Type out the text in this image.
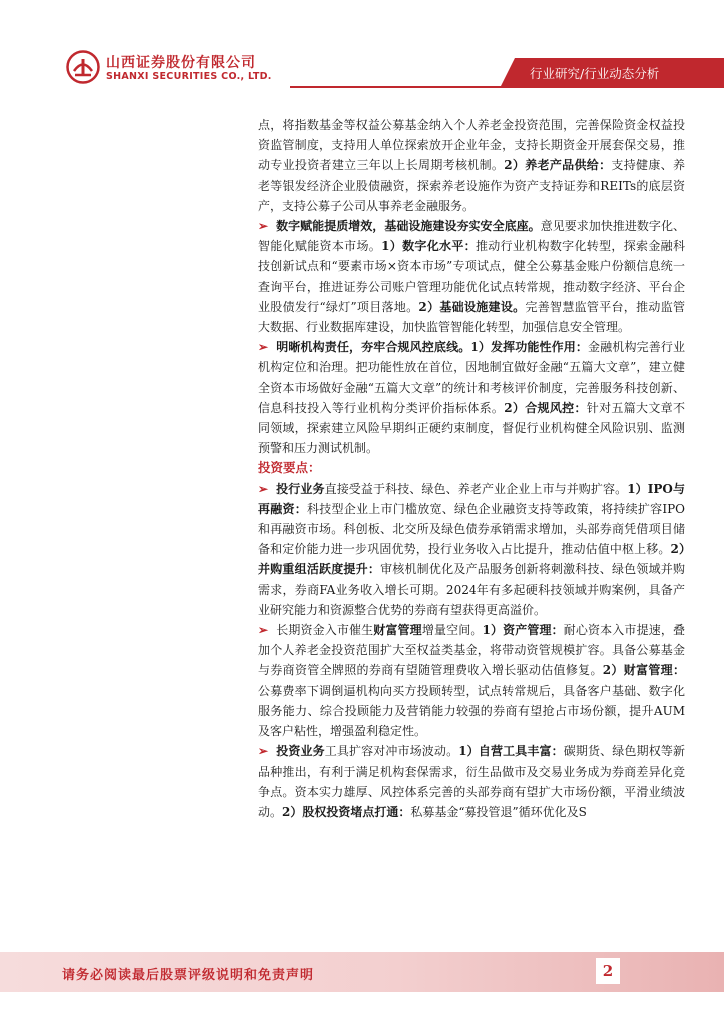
山西证券股份有限公司
SHANXI SECURITIES CO., LTD.	行业研究/行业动态分析

点，将指数基金等权益公募基金纳入个人养老金投资范围，完善保险资金权益投资监管制度，支持用人单位探索放开企业年金，支持长期资金开展套保交易，推动专业投资者建立三年以上长周期考核机制。2）养老产品供给：支持健康、养老等银发经济企业股债融资，探索养老设施作为资产支持证券和REITs的底层资产，支持公募子公司从事养老金融服务。

➢ 数字赋能提质增效，基础设施建设夯实安全底座。意见要求加快推进数字化、智能化赋能资本市场。1）数字化水平：推动行业机构数字化转型，探索金融科技创新试点和“要素市场×资本市场”专项试点，健全公募基金账户份额信息统一查询平台，推进证券公司账户管理功能优化试点转常规，推动数字经济、平台企业股债发行“绿灯”项目落地。2）基础设施建设。完善智慧监管平台，推动监管大数据、行业数据库建设，加快监管智能化转型，加强信息安全管理。

➢ 明晰机构责任，夯牢合规风控底线。1）发挥功能性作用：金融机构完善行业机构定位和治理。把功能性放在首位，因地制宜做好金融“五篇大文章”，建立健全资本市场做好金融“五篇大文章”的统计和考核评价制度，完善服务科技创新、信息科技投入等行业机构分类评价指标体系。2）合规风控：针对五篇大文章不同领域，探索建立风险早期纠正硬约束制度，督促行业机构健全风险识别、监测预警和压力测试机制。

投资要点：

➢ 投行业务直接受益于科技、绿色、养老产业企业上市与并购扩容。1）IPO与再融资：科技型企业上市门槛放宽、绿色企业融资支持等政策，将持续扩容IPO和再融资市场。科创板、北交所及绿色债券承销需求增加，头部券商凭借项目储备和定价能力进一步巩固优势，投行业务收入占比提升，推动估值中枢上移。2）并购重组活跃度提升：审核机制优化及产品服务创新将刺激科技、绿色领域并购需求，券商FA业务收入增长可期。2024年有多起硬科技领域并购案例，具备产业研究能力和资源整合优势的券商有望获得更高溢价。

➢ 长期资金入市催生财富管理增量空间。1）资产管理：耐心资本入市提速，叠加个人养老金投资范围扩大至权益类基金，将带动资管规模扩容。具备公募基金与券商资管全牌照的券商有望随管理费收入增长驱动估值修复。2）财富管理：公募费率下调倒逼机构向买方投顾转型，试点转常规后，具备客户基础、数字化服务能力、综合投顾能力及营销能力较强的券商有望抢占市场份额，提升AUM及客户粘性，增强盈利稳定性。

➢ 投资业务工具扩容对冲市场波动。1）自营工具丰富：碳期货、绿色期权等新品种推出，有利于满足机构套保需求，衍生品做市及交易业务成为券商差异化竞争点。资本实力雄厚、风控体系完善的头部券商有望扩大市场份额，平滑业绩波动。2）股权投资堵点打通：私募基金“募投管退”循环优化及S

请务必阅读最后股票评级说明和免责声明	2
